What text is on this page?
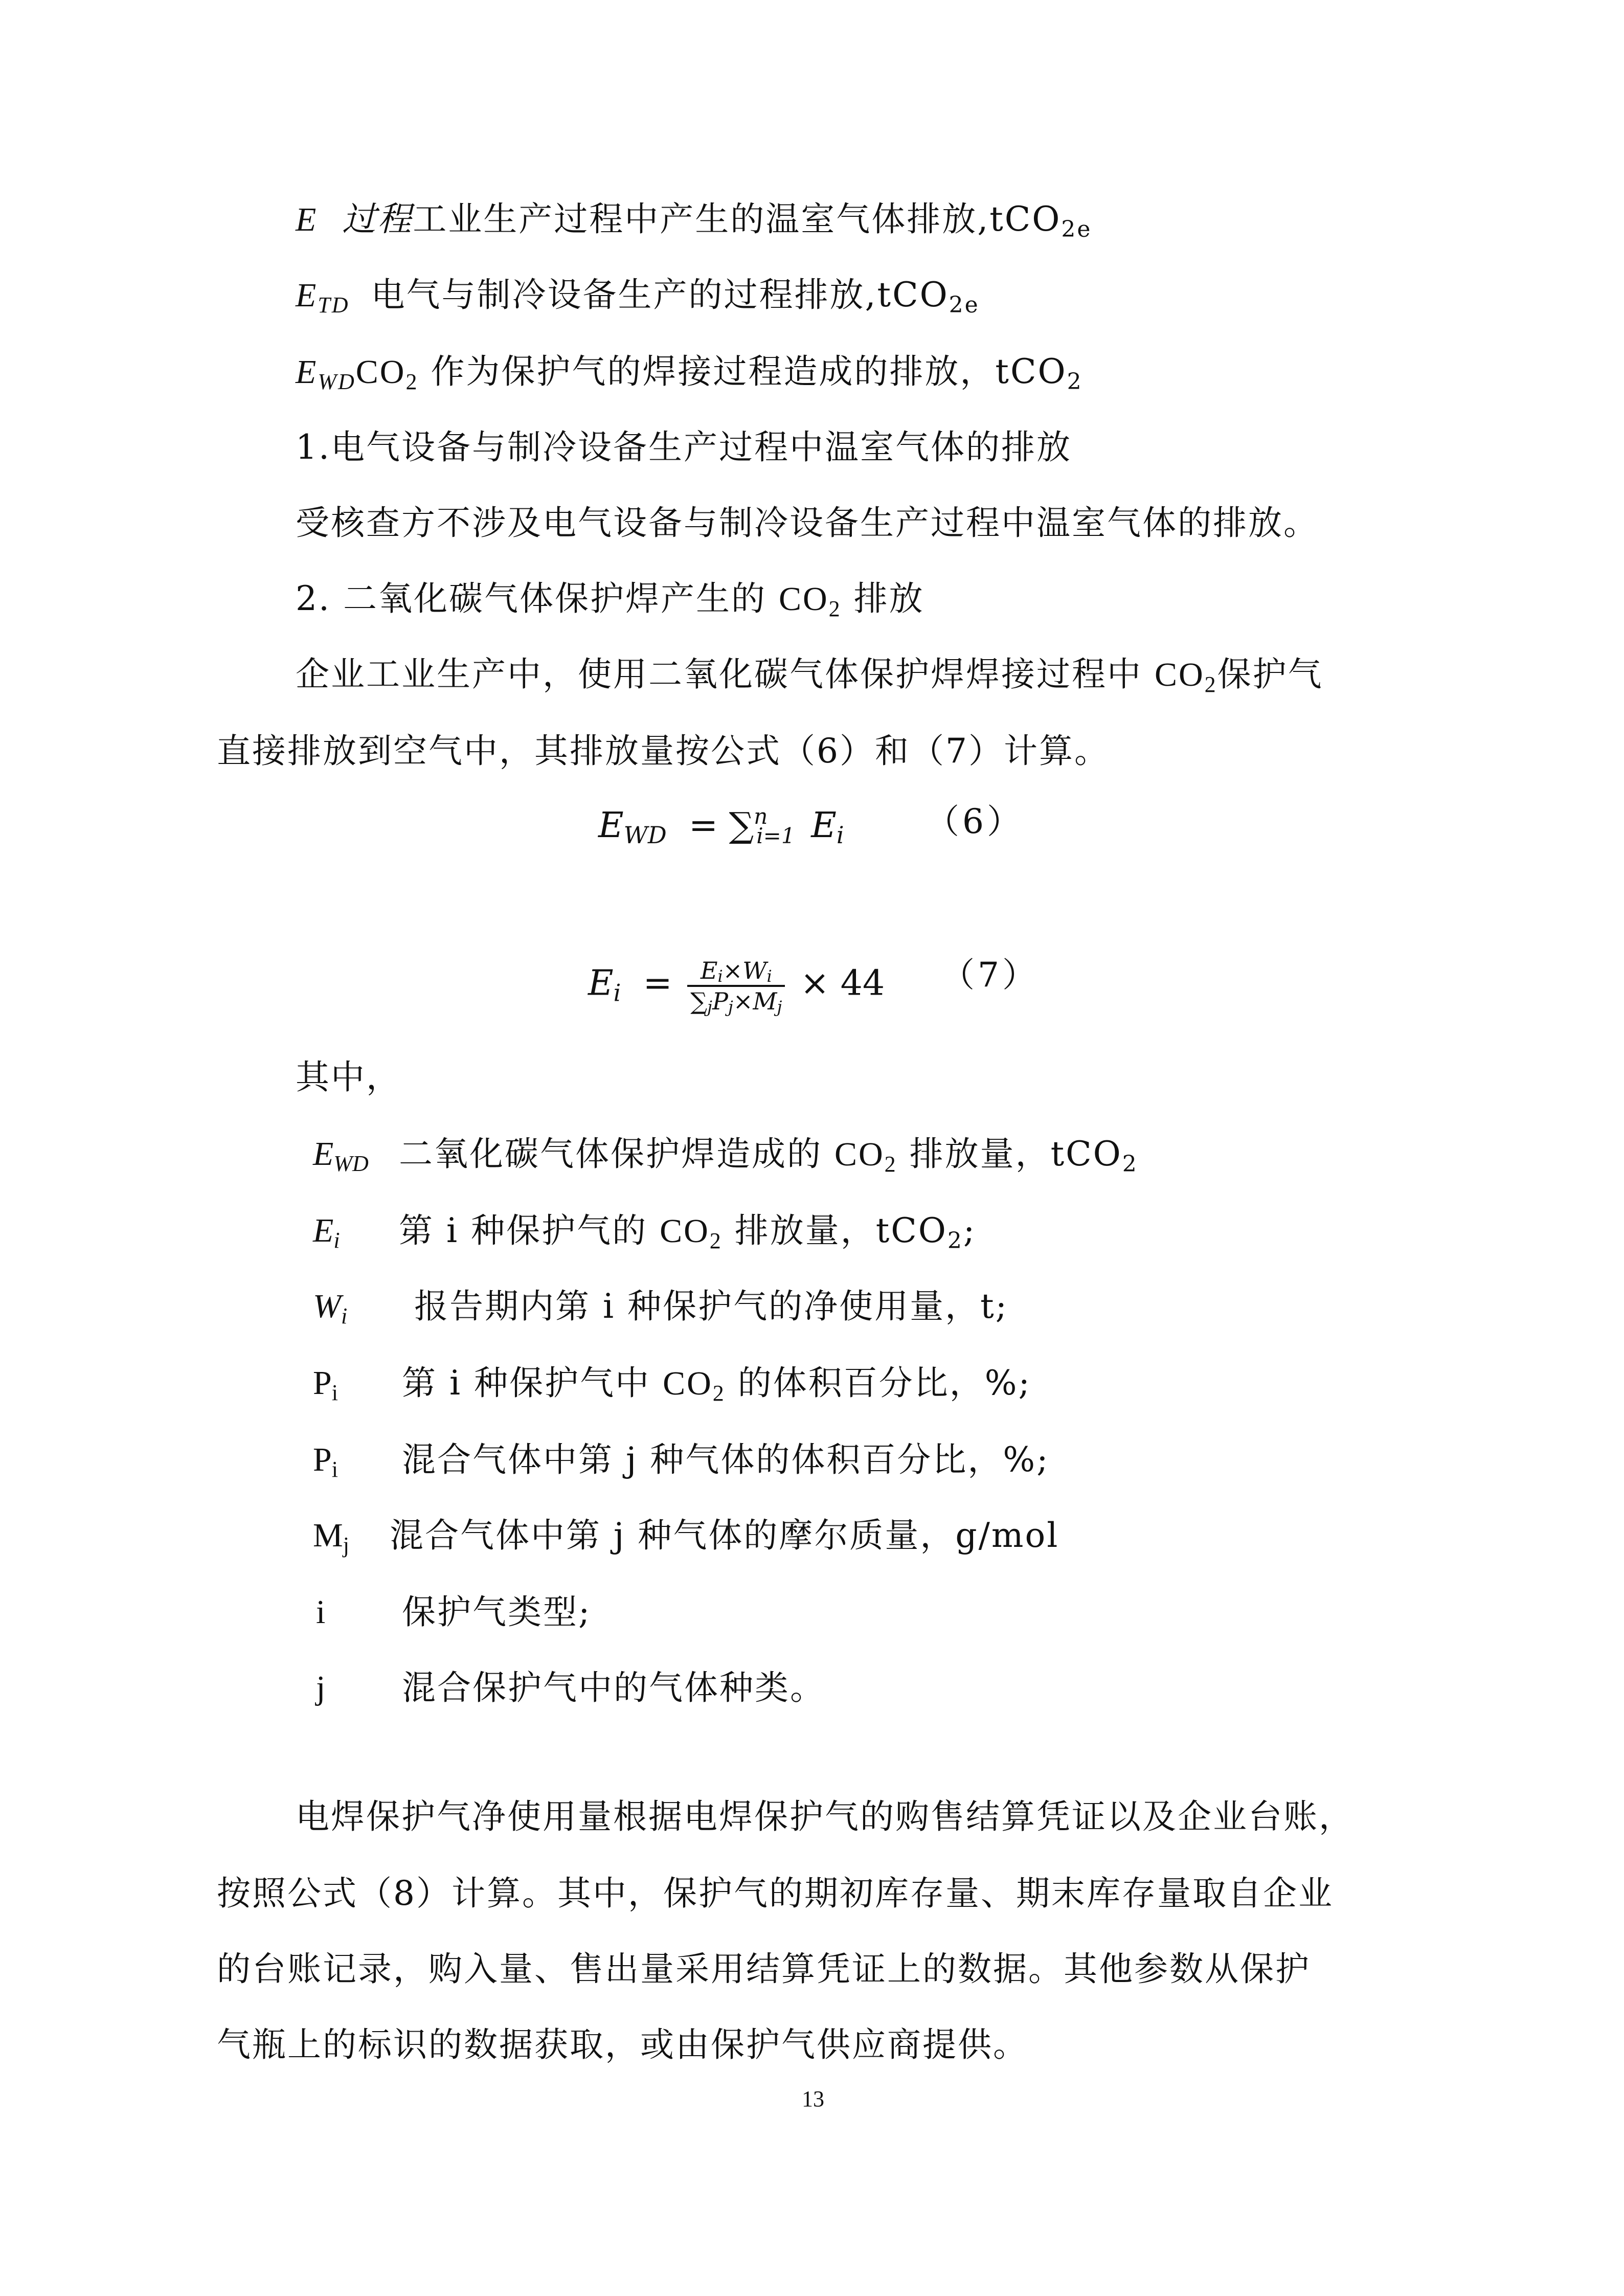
E 过程工业生产过程中产生的温室气体排放,tCO$_{2e}$
$E_{TD}$ 电气与制冷设备生产的过程排放,tCO$_{2e}$
$E_{WD}CO_2$ 作为保护气的焊接过程造成的排放，tCO$_2$
1.电气设备与制冷设备生产过程中温室气体的排放
受核查方不涉及电气设备与制冷设备生产过程中温室气体的排放。
2. 二氧化碳气体保护焊产生的 $CO_2$ 排放
企业工业生产中，使用二氧化碳气体保护焊焊接过程中 $CO_2$保护气
直接排放到空气中，其排放量按公式（6）和（7）计算。
$E_{WD} = \sum^n_{i=1}$ $E_i$ （6）
$E_i = \frac{E_i\times W_i}{\sum_jP_j\times M_j} \times 44$ （7）
其中，
$E_{WD}$ 二氧化碳气体保护焊造成的 $CO_2$ 排放量，tCO$_2$
$E_i$ 第 i 种保护气的 $CO_2$ 排放量，tCO$_2$;
$W_i$ 报告期内第 i 种保护气的净使用量，t;
$P_i$ 第 i 种保护气中 $CO_2$ 的体积百分比，%;
$P_i$ 混合气体中第 j 种气体的体积百分比，%;
$M_j$ 混合气体中第 j 种气体的摩尔质量，g/mol
i 保护气类型;
j 混合保护气中的气体种类。
电焊保护气净使用量根据电焊保护气的购售结算凭证以及企业台账，
按照公式（8）计算。其中，保护气的期初库存量、期末库存量取自企业
的台账记录，购入量、售出量采用结算凭证上的数据。其他参数从保护
气瓶上的标识的数据获取，或由保护气供应商提供。
13
